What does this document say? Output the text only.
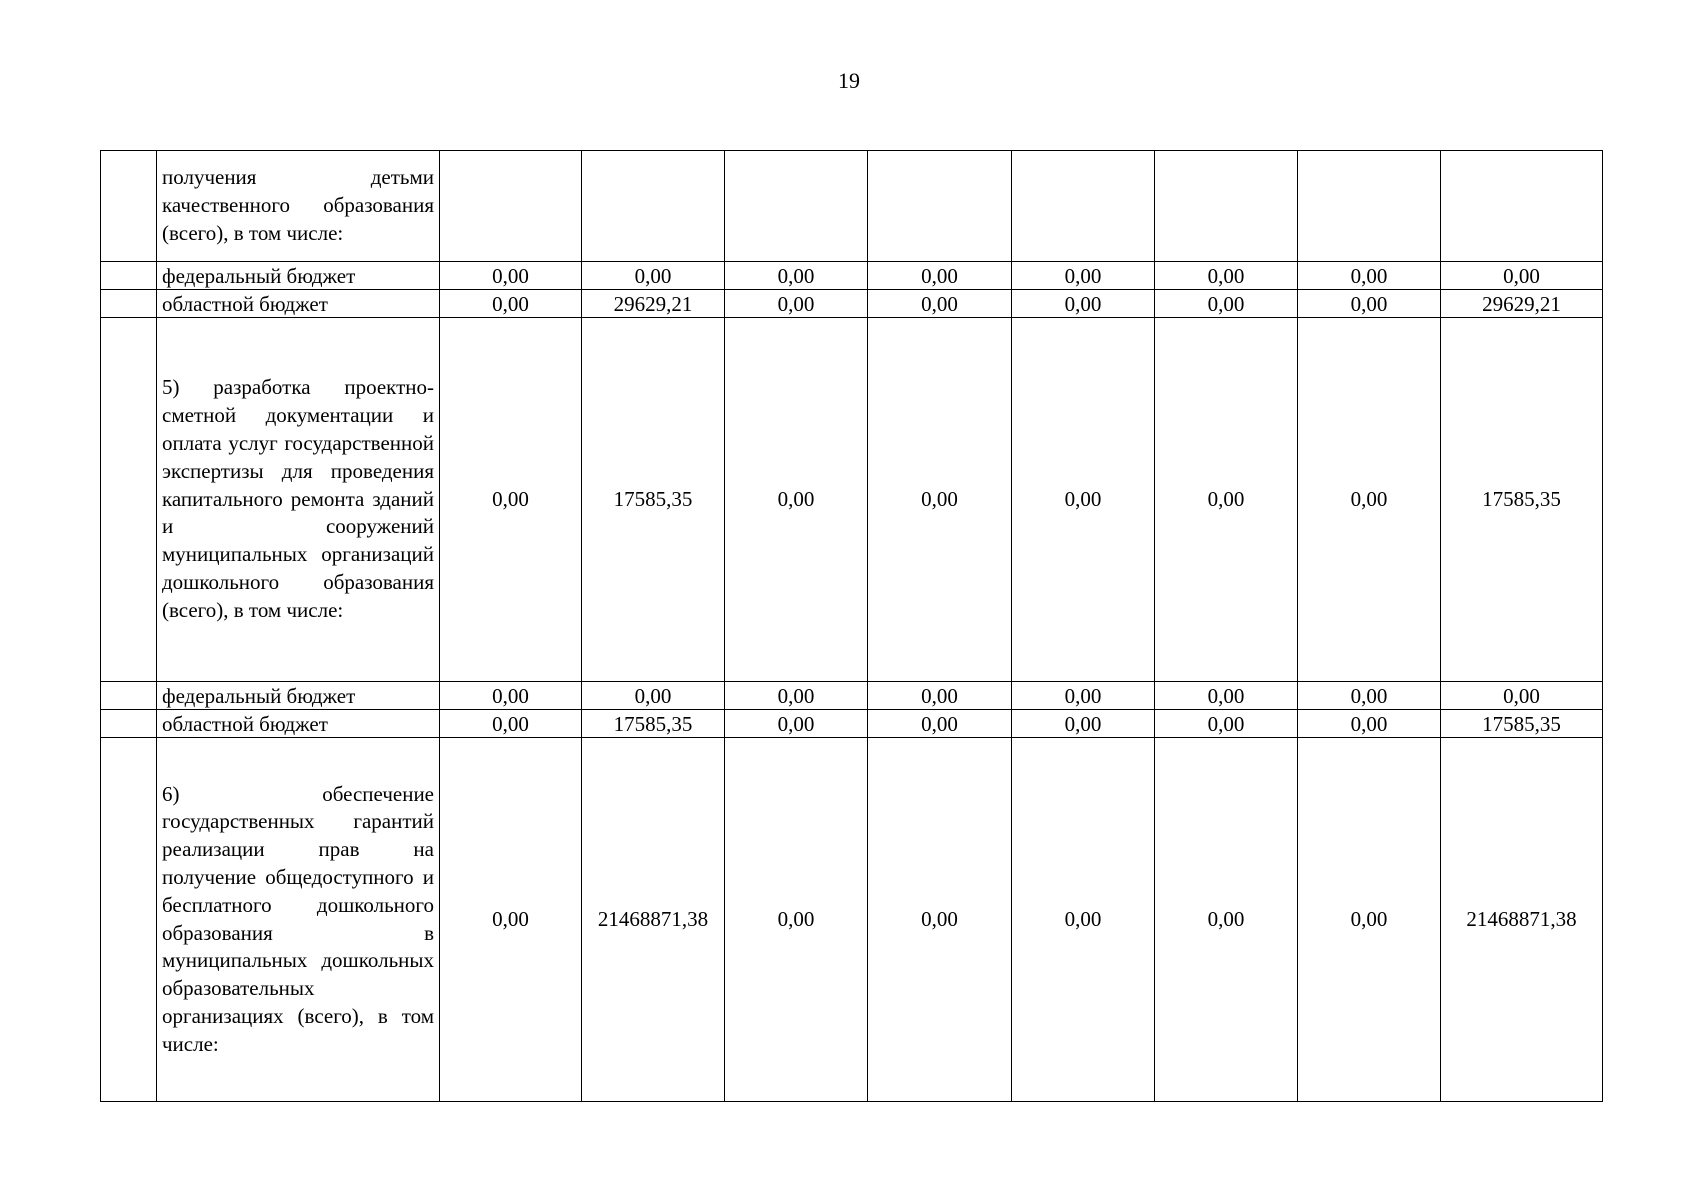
19

	получения детьми качественного образования (всего), в том числе:								

	федеральный бюджет	0,00	0,00	0,00	0,00	0,00	0,00	0,00	0,00

	областной бюджет	0,00	29629,21	0,00	0,00	0,00	0,00	0,00	29629,21

	5) разработка проектно-сметной документации и оплата услуг государственной экспертизы для проведения капитального ремонта зданий и сооружений муниципальных организаций дошкольного образования (всего), в том числе:	0,00	17585,35	0,00	0,00	0,00	0,00	0,00	17585,35

	федеральный бюджет	0,00	0,00	0,00	0,00	0,00	0,00	0,00	0,00

	областной бюджет	0,00	17585,35	0,00	0,00	0,00	0,00	0,00	17585,35

	6) обеспечение государственных гарантий реализации прав на получение общедоступного и бесплатного дошкольного образования в муниципальных дошкольных образовательных организациях (всего), в том числе:	0,00	21468871,38	0,00	0,00	0,00	0,00	0,00	21468871,38
